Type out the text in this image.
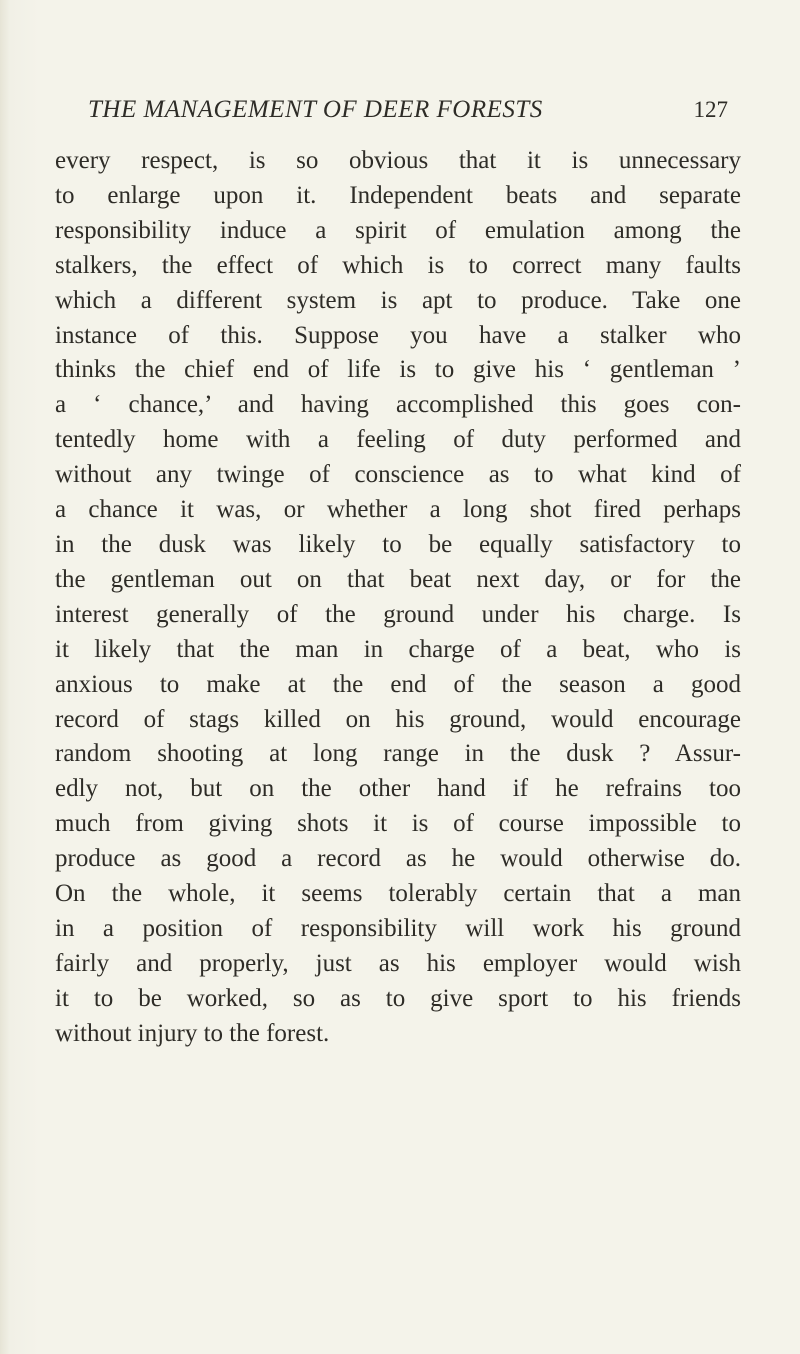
THE MANAGEMENT OF DEER FORESTS	127

every respect, is so obvious that it is unnecessary
to enlarge upon it. Independent beats and separate
responsibility induce a spirit of emulation among the
stalkers, the effect of which is to correct many faults
which a different system is apt to produce. Take one
instance of this. Suppose you have a stalker who
thinks the chief end of life is to give his ‘ gentleman ’
a ‘ chance,’ and having accomplished this goes con-
tentedly home with a feeling of duty performed and
without any twinge of conscience as to what kind of
a chance it was, or whether a long shot fired perhaps
in the dusk was likely to be equally satisfactory to
the gentleman out on that beat next day, or for the
interest generally of the ground under his charge. Is
it likely that the man in charge of a beat, who is
anxious to make at the end of the season a good
record of stags killed on his ground, would encourage
random shooting at long range in the dusk ? Assur-
edly not, but on the other hand if he refrains too
much from giving shots it is of course impossible to
produce as good a record as he would otherwise do.
On the whole, it seems tolerably certain that a man
in a position of responsibility will work his ground
fairly and properly, just as his employer would wish
it to be worked, so as to give sport to his friends
without injury to the forest.
